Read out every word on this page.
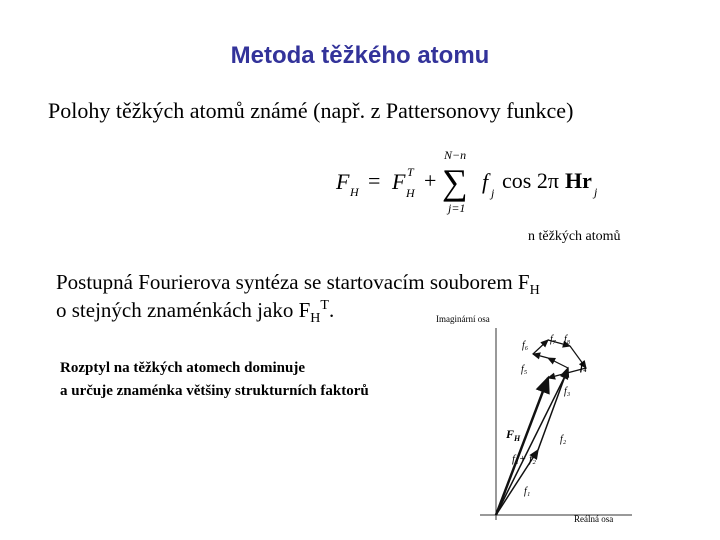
Metoda těžkého atomu
Polohy těžkých atomů známé (např. z Pattersonovy funkce)
F H = F H
T +
N−n
∑
j=1
f j cos 2π Hr j
n těžkých atomů
Postupná Fourierova syntéza se startovacím souborem $F_H$
o stejných znaménkách jako $F_H^T$.
Rozptyl na těžkých atomech dominuje
a určuje znaménka většiny strukturních faktorů
Imaginární osa
Reálná osa
$F_H$
f₁+ f₂
f₁
f₂
f₃
f₄
f₅
f₆
f₇ f₈
